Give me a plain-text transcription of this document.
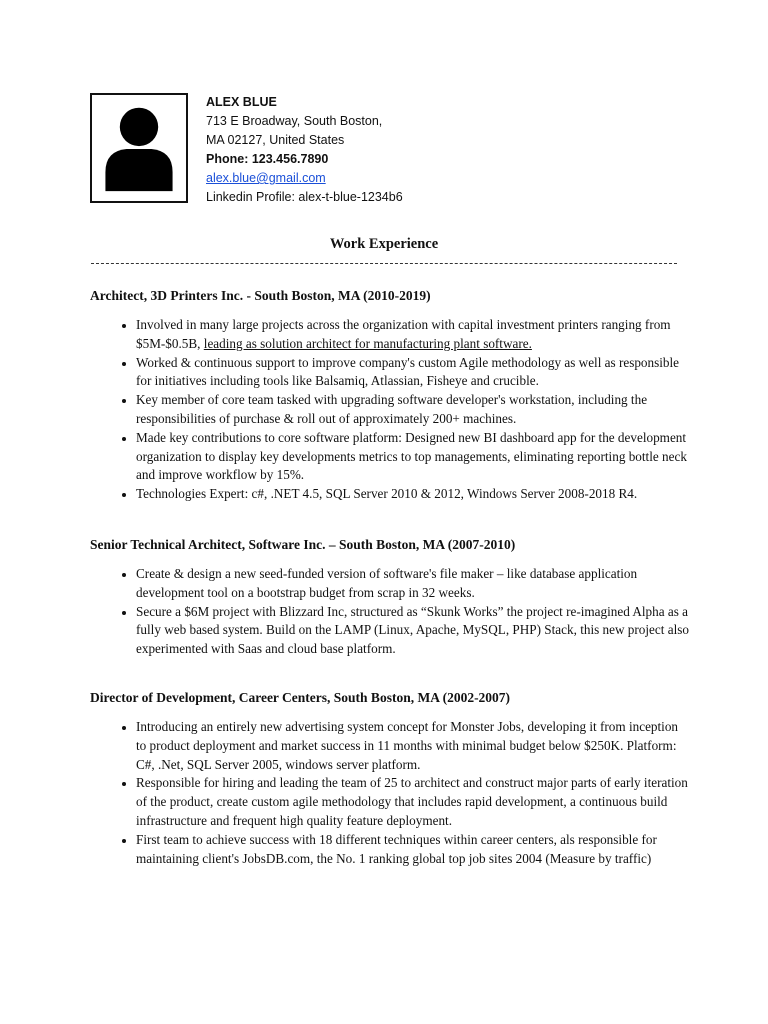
ALEX BLUE
713 E Broadway, South Boston,
MA 02127, United States
Phone: 123.456.7890
alex.blue@gmail.com
Linkedin Profile: alex-t-blue-1234b6
Work Experience
Architect, 3D Printers Inc. - South Boston, MA (2010-2019)
• Involved in many large projects across the organization with capital investment printers ranging from $5M-$0.5B, leading as solution architect for manufacturing plant software.
• Worked & continuous support to improve company's custom Agile methodology as well as responsible for initiatives including tools like Balsamiq, Atlassian, Fisheye and crucible.
• Key member of core team tasked with upgrading software developer's workstation, including the responsibilities of purchase & roll out of approximately 200+ machines.
• Made key contributions to core software platform: Designed new BI dashboard app for the development organization to display key developments metrics to top managements, eliminating reporting bottle neck and improve workflow by 15%.
• Technologies Expert: c#, .NET 4.5, SQL Server 2010 & 2012, Windows Server 2008-2018 R4.
Senior Technical Architect, Software Inc. – South Boston, MA (2007-2010)
• Create & design a new seed-funded version of software's file maker – like database application development tool on a bootstrap budget from scrap in 32 weeks.
• Secure a $6M project with Blizzard Inc, structured as “Skunk Works” the project re-imagined Alpha as a fully web based system. Build on the LAMP (Linux, Apache, MySQL, PHP) Stack, this new project also experimented with Saas and cloud base platform.
Director of Development, Career Centers, South Boston, MA (2002-2007)
• Introducing an entirely new advertising system concept for Monster Jobs, developing it from inception to product deployment and market success in 11 months with minimal budget below $250K. Platform: C#, .Net, SQL Server 2005, windows server platform.
• Responsible for hiring and leading the team of 25 to architect and construct major parts of early iteration of the product, create custom agile methodology that includes rapid development, a continuous build infrastructure and frequent high quality feature deployment.
• First team to achieve success with 18 different techniques within career centers, als responsible for maintaining client's JobsDB.com, the No. 1 ranking global top job sites 2004 (Measure by traffic)
